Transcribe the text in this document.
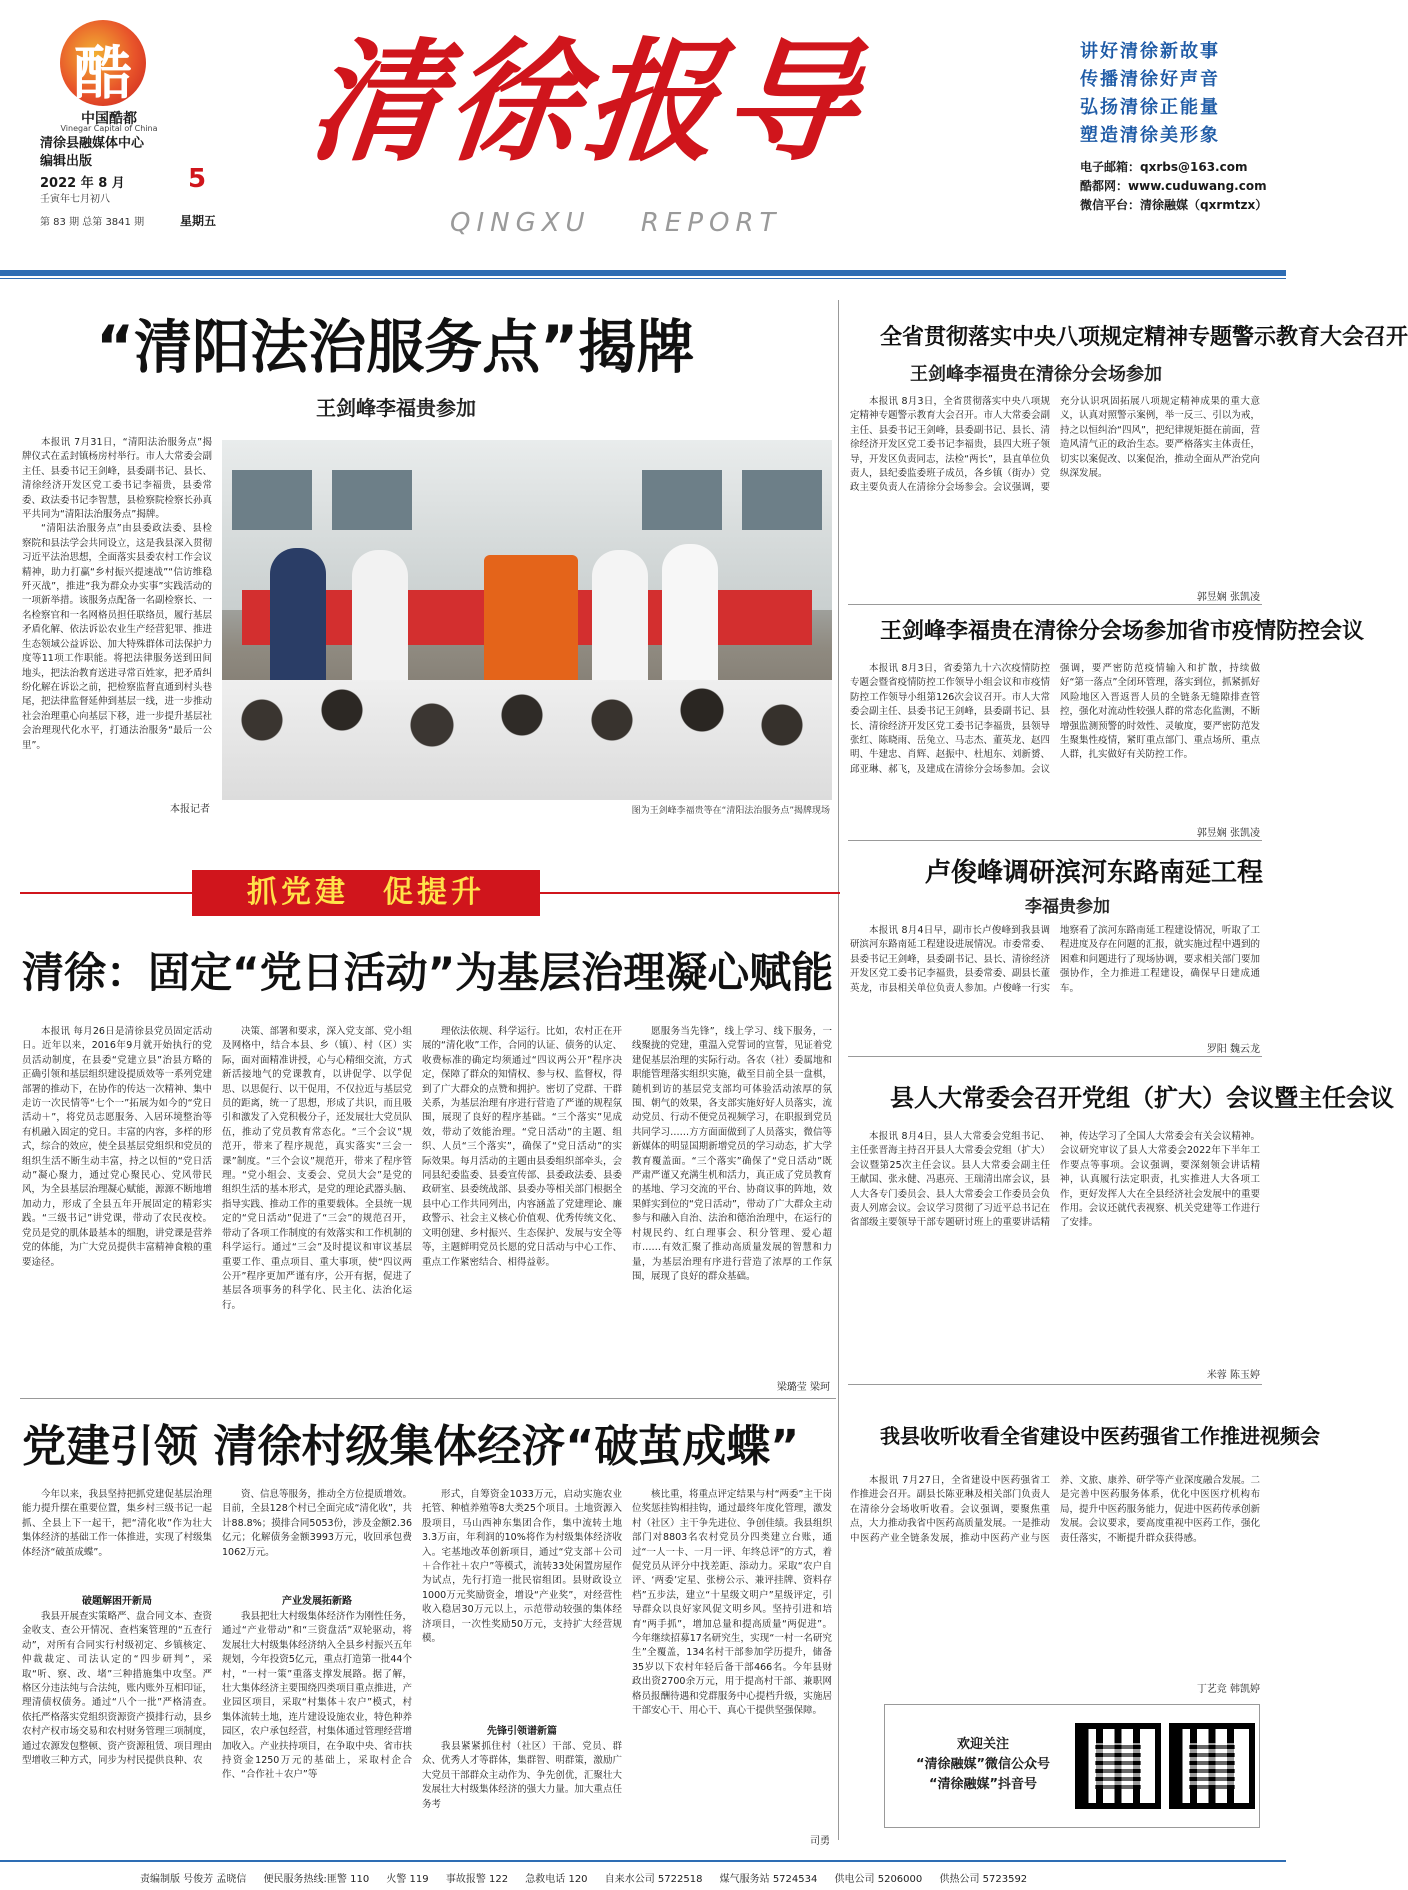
酷
中国酷都
Vinegar Capital of China
清徐县融媒体中心
编辑出版
2022 年 8 月
壬寅年七月初八
第 83 期 总第 3841 期
5
星期五
清徐报导
QINGXU REPORT
讲好清徐新故事
传播清徐好声音
弘扬清徐正能量
塑造清徐美形象
电子邮箱：qxrbs@163.com
酷都网：www.cuduwang.com
微信平台：清徐融媒（qxrmtzx）
“清阳法治服务点”揭牌
王剑峰李福贵参加

本报讯 7月31日，“清阳法治服务点”揭牌仪式在孟封镇杨房村举行。市人大常委会副主任、县委书记王剑峰，县委副书记、县长、清徐经济开发区党工委书记李福贵，县委常委、政法委书记李智慧，县检察院检察长孙真平共同为“清阳法治服务点”揭牌。

“清阳法治服务点”由县委政法委、县检察院和县法学会共同设立，这是我县深入贯彻习近平法治思想，全面落实县委农村工作会议精神，助力打赢“乡村振兴提速战”“信访维稳歼灭战”，推进“我为群众办实事”实践活动的一项新举措。该服务点配备一名副检察长、一名检察官和一名网格员担任联络员，履行基层矛盾化解、依法诉讼农业生产经营犯罪、推进生态领域公益诉讼、加大特殊群体司法保护力度等11项工作职能。将把法律服务送到田间地头，把法治教育送进寻常百姓家，把矛盾纠纷化解在诉讼之前，把检察监督直通到村头巷尾，把法律监督延伸到基层一线，进一步推动社会治理重心向基层下移，进一步提升基层社会治理现代化水平，打通法治服务“最后一公里”。

本报记者	图为王剑峰李福贵等在“清阳法治服务点”揭牌现场
抓党建　促提升
清徐：固定“党日活动”为基层治理凝心赋能

本报讯 每月26日是清徐县党员固定活动日。近年以来，2016年9月就开始执行的党员活动制度，在县委“党建立县”治县方略的正确引领和基层组织建设提质效等一系列党建部署的推动下，在协作的传达一次精神、集中走访一次民情等“七个一”拓展为如今的“党日活动＋”，将党员志愿服务、入居环境整治等有机融入固定的党日。丰富的内容，多样的形式，综合的效应，使全县基层党组织和党员的组织生活不断生动丰富，持之以恒的“党日活动”凝心聚力，通过党心聚民心、党风带民风，为全县基层治理凝心赋能，源源不断地增加动力，形成了全县五年开展固定的精彩实践。“三级书记”讲党课，带动了农民夜校。党员是党的肌体最基本的细胞，讲党课是营养党的体能，为广大党员提供丰富精神食粮的重要途径。

决策、部署和要求，深入党支部、党小组及网格中，结合本县、乡（镇）、村（区）实际，面对面精准讲授，心与心精细交流，方式新活接地气的党课教育，以讲促学、以学促思、以思促行、以干促用，不仅拉近与基层党员的距离，统一了思想，形成了共识，而且吸引和激发了入党积极分子，还发展壮大党员队伍，推动了党员教育常态化。“三个会议”规范开，带来了程序规范，真实落实“三会一课”制度。“三个会议”规范开，带来了程序管理。“党小组会、支委会、党员大会”是党的组织生活的基本形式，是党的理论武器头脑、指导实践、推动工作的重要载体。全县统一规定的“党日活动”促进了“三会”的规范召开，带动了各项工作制度的有效落实和工作机制的科学运行。通过“三会”及时提议和审议基层重要工作、重点项目、重大事项，使“四议两公开”程序更加严谨有序，公开有据，促进了基层各项事务的科学化、民主化、法治化运行。

理依法依规、科学运行。比如，农村正在开展的“清化收”工作，合同的认证、债务的认定、收费标准的确定均须通过“四议两公开”程序决定，保障了群众的知情权、参与权、监督权，得到了广大群众的点赞和拥护。密切了党群、干群关系，为基层治理有序进行营造了严谨的规程氛围，展现了良好的程序基础。“三个落实”见成效，带动了效能治理。“党日活动”的主题、组织、人员“三个落实”，确保了“党日活动”的实际效果。每月活动的主题由县委组织部牵头，会同县纪委监委、县委宣传部、县委政法委、县委政研室、县委统战部、县委办等相关部门根据全县中心工作共同列出，内容涵盖了党建理论、廉政警示、社会主义核心价值观、优秀传统文化、文明创建、乡村振兴、生态保护、发展与安全等等，主题鲜明党员长愿的党日活动与中心工作、重点工作紧密结合、相得益彰。

愿服务当先锋”，线上学习、线下服务，一线聚拢的党建，重温入党誓词的宣誓，见证着党建促基层治理的实际行动。各农（社）委属地和职能管理落实组织实施，截至目前全县一盘棋，随机到访的基层党支部均可体验活动浓厚的氛围、朝气的效果，各支部实施好好人员落实，流动党员、行动不便党员视频学习，在职报到党员共同学习……方方面面做到了人员落实，微信等新媒体的明显国期新增党员的学习动态，扩大学教育覆盖面。“三个落实”确保了“党日活动”既严肃严谨又充满生机和活力，真正成了党员教育的基地、学习交流的平台、协商议事的阵地，效果鲜实到位的“党日活动”，带动了广大群众主动参与和融入自治、法治和德治治理中，在运行的村规民约、红白理事会、积分管理、爱心超市……有效汇聚了推动高质量发展的智慧和力量，为基层治理有序进行营造了浓厚的工作氛围，展现了良好的群众基础。

梁璐莹 梁珂
党建引领 清徐村级集体经济“破茧成蝶”

今年以来，我县坚持把抓党建促基层治理能力提升摆在重要位置，集乡村三级书记一起抓、全县上下一起干，把“清化收”作为壮大集体经济的基础工作一体推进，实现了村级集体经济“破茧成蝶”。

破题解困开新局

我县开展查实策略严、盘合同文本、查资金收支、查公开情况、查档案管理的“五查行动”，对所有合同实行村级初定、乡镇核定、仲裁裁定、司法认定的“四步研判”，采取“听、察、改、堵”三种措施集中攻坚。严格区分违法纯与合法纯，账内账外互相印证，理清债权债务。通过“八个一批”严格清查。依托严格落实党组织资源资产摸排行动，县乡农村产权市场交易和农村财务管理三项制度，通过农源发包整顿、资产资源租赁、项目理由型增收三种方式，同步为村民提供良种、农

资、信息等服务，推动全方位提质增效。目前，全县128个村已全面完成“清化收”，共计88.8%；摸排合同5053份，涉及金额2.36亿元；化解债务金额3993万元，收回承包费1062万元。

产业发展拓新路

我县把壮大村级集体经济作为刚性任务，通过“产业带动”和“三资盘活”双轮驱动，将发展壮大村级集体经济纳入全县乡村振兴五年规划，今年投资5亿元，重点打造第一批44个村，“一村一策”重落支撑发展路。据了解，壮大集体经济主要围绕四类项目重点推进，产业园区项目，采取“村集体＋农户”模式，村集体流转土地，连片建设设施农业，特色种养园区，农户承包经营，村集体通过管理经营增加收入。产业扶持项目，在争取中央、省市扶持资金1250万元的基础上，采取村企合作、“合作社＋农户”等

形式，自筹资金1033万元，启动实施农业托管、种植养殖等8大类25个项目。土地资源入股项目，马山西神东集团合作，集中流转土地3.3万亩，年利润的10%将作为村级集体经济收入。宅基地改革创新项目，通过“党支部＋公司＋合作社＋农户”等模式，流转33处闲置房屋作为试点，先行打造一批民宿组团。县财政设立1000万元奖励资金，增设“产业奖”，对经营性收入稳居30万元以上，示范带动较强的集体经济项目，一次性奖励50万元，支持扩大经营规模。

先锋引领谱新篇

我县紧紧抓住村（社区）干部、党员、群众、优秀人才等群体，集群智、明群策，激励广大党员干部群众主动作为、争先创优，汇聚壮大发展壮大村级集体经济的强大力量。加大重点任务考

核比重，将重点评定结果与村“两委”主干岗位奖惩挂钩相挂钩，通过最终年度化管理，激发村（社区）主干争先进位、争创佳绩。我县组织部门对8803名农村党员分四类建立台账，通过“一人一卡、一月一评、年终总评”的方式，着促党员从评分中找差距、添动力。采取“农户自评、‘两委’定星、张榜公示、兼评挂牌、资料存档”五步法，建立“十星级文明户”星级评定，引导群众以良好家风促文明乡风。坚持引进和培育“两手抓”，增加总量和提高质量“两促进”。今年继续招募17名研究生，实现“一村一名研究生”全覆盖，134名村干部参加学历提升，储备35岁以下农村年轻后备干部466名。今年县财政出资2700余万元，用于提高村干部、兼职网格员报酬待遇和党群服务中心提档升级，实施居干部安心干、用心干、真心干提供坚强保障。

司勇
全省贯彻落实中央八项规定精神专题警示教育大会召开
王剑峰李福贵在清徐分会场参加

本报讯 8月3日，全省贯彻落实中央八项规定精神专题警示教育大会召开。市人大常委会副主任、县委书记王剑峰，县委副书记、县长、清徐经济开发区党工委书记李福贵，县四大班子领导，开发区负责同志，法检“两长”，县直单位负责人，县纪委监委班子成员，各乡镇（街办）党政主要负责人在清徐分会场参会。会议强调，要充分认识巩固拓展八项规定精神成果的重大意义，认真对照警示案例，举一反三、引以为戒，持之以恒纠治“四风”，把纪律规矩挺在前面，营造风清气正的政治生态。要严格落实主体责任，切实以案促改、以案促治，推动全面从严治党向纵深发展。

郭昱娴 张凯凌
王剑峰李福贵在清徐分会场参加省市疫情防控会议

本报讯 8月3日，省委第九十六次疫情防控专题会暨省疫情防控工作领导小组会议和市疫情防控工作领导小组第126次会议召开。市人大常委会副主任、县委书记王剑峰，县委副书记、县长、清徐经济开发区党工委书记李福贵，县领导张红、陈晓雨、岳兔立、马志杰、董英龙、赵四明、牛建忠、肖辉、赵振中、杜旭东、刘新赟、邱亚琳、郝飞，及建成在清徐分会场参加。会议强调，要严密防范疫情输入和扩散，持续做好“第一落点”全闭环管理，落实到位，抓紧抓好风险地区入晋返晋人员的全链条无缝隙排查管控，强化对流动性较强人群的常态化监测，不断增强监测预警的时效性、灵敏度，要严密防范发生聚集性疫情，紧盯重点部门、重点场所、重点人群，扎实做好有关防控工作。

郭昱娴 张凯凌
卢俊峰调研滨河东路南延工程
李福贵参加

本报讯 8月4日早，副市长卢俊峰到我县调研滨河东路南延工程建设进展情况。市委常委、县委书记王剑峰，县委副书记、县长、清徐经济开发区党工委书记李福贵，县委常委、副县长董英龙，市县相关单位负责人参加。卢俊峰一行实地察看了滨河东路南延工程建设情况，听取了工程进度及存在问题的汇报，就实施过程中遇到的困难和问题进行了现场协调，要求相关部门要加强协作，全力推进工程建设，确保早日建成通车。

罗阳 魏云龙
县人大常委会召开党组（扩大）会议暨主任会议

本报讯 8月4日，县人大常委会党组书记、主任张晋海主持召开县人大常委会党组（扩大）会议暨第25次主任会议。县人大常委会副主任王献国、张永健、冯惠亮、王瑞清出席会议，县人大各专门委员会、县人大常委会工作委员会负责人列席会议。会议学习贯彻了习近平总书记在省部级主要领导干部专题研讨班上的重要讲话精神，传达学习了全国人大常委会有关会议精神。会议研究审议了县人大常委会2022年下半年工作要点等事项。会议强调，要深刻领会讲话精神，认真履行法定职责，扎实推进人大各项工作，更好发挥人大在全县经济社会发展中的重要作用。会议还就代表视察、机关党建等工作进行了安排。

米蓉 陈玉婷
我县收听收看全省建设中医药强省工作推进视频会

本报讯 7月27日，全省建设中医药强省工作推进会召开。副县长陈亚琳及相关部门负责人在清徐分会场收听收看。会议强调，要聚焦重点，大力推动我省中医药高质量发展。一是推动中医药产业全链条发展，推动中医药产业与医养、文旅、康养、研学等产业深度融合发展。二是完善中医药服务体系，优化中医医疗机构布局，提升中医药服务能力，促进中医药传承创新发展。会议要求，要高度重视中医药工作，强化责任落实，不断提升群众获得感。

丁艺竞 韩凯婷
欢迎关注
“清徐融媒”微信公众号
“清徐融媒”抖音号
责编制版 号俊芳 孟晓信 便民服务热线:匪警 110 火警 119 事故报警 122 急救电话 120 自来水公司 5722518 煤气服务站 5724534 供电公司 5206000 供热公司 5723592
